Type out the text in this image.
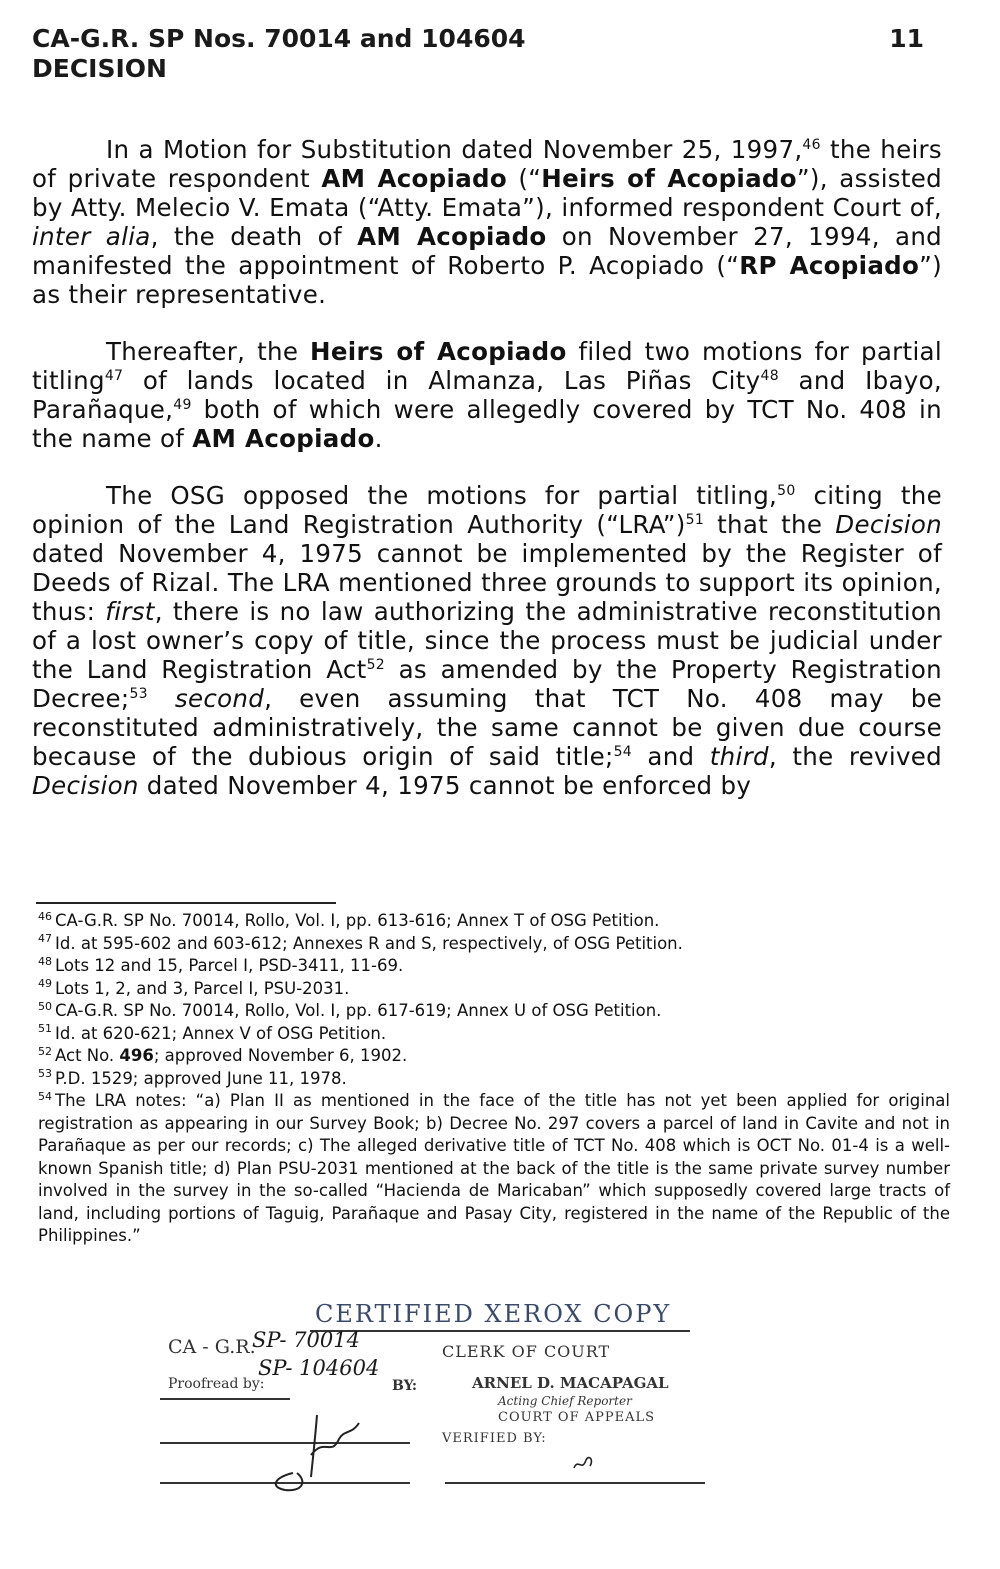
CA-G.R. SP Nos. 70014 and 104604
DECISION
11

In a Motion for Substitution dated November 25, 1997,46 the heirs of private respondent AM Acopiado (“Heirs of Acopiado”), assisted by Atty. Melecio V. Emata (“Atty. Emata”), informed respondent Court of, inter alia, the death of AM Acopiado on November 27, 1994, and manifested the appointment of Roberto P. Acopiado (“RP Acopiado”) as their representative.

Thereafter, the Heirs of Acopiado filed two motions for partial titling$^{47}$ of lands located in Almanza, Las Piñas City$^{48}$ and Ibayo, Parañaque,$^{49}$ both of which were allegedly covered by TCT No. 408 in the name of AM Acopiado.

The OSG opposed the motions for partial titling,$^{50}$ citing the opinion of the Land Registration Authority (“LRA”)$^{51}$ that the Decision dated November 4, 1975 cannot be implemented by the Register of Deeds of Rizal. The LRA mentioned three grounds to support its opinion, thus: first, there is no law authorizing the administrative reconstitution of a lost owner’s copy of title, since the process must be judicial under the Land Registration Act$^{52}$ as amended by the Property Registration Decree;$^{53}$ second, even assuming that TCT No. 408 may be reconstituted administratively, the same cannot be given due course because of the dubious origin of said title;$^{54}$ and third, the revived Decision dated November 4, 1975 cannot be enforced by

$^{46}$ CA-G.R. SP No. 70014, Rollo, Vol. I, pp. 613-616; Annex T of OSG Petition.

$^{47}$ Id. at 595-602 and 603-612; Annexes R and S, respectively, of OSG Petition.

$^{48}$ Lots 12 and 15, Parcel I, PSD-3411, 11-69.

$^{49}$ Lots 1, 2, and 3, Parcel I, PSU-2031.

$^{50}$ CA-G.R. SP No. 70014, Rollo, Vol. I, pp. 617-619; Annex U of OSG Petition.

$^{51}$ Id. at 620-621; Annex V of OSG Petition.

$^{52}$ Act No. 496; approved November 6, 1902.

$^{53}$ P.D. 1529; approved June 11, 1978.

$^{54}$ The LRA notes: “a) Plan II as mentioned in the face of the title has not yet been applied for original registration as appearing in our Survey Book; b) Decree No. 297 covers a parcel of land in Cavite and not in Parañaque as per our records; c) The alleged derivative title of TCT No. 408 which is OCT No. 01-4 is a well-known Spanish title; d) Plan PSU-2031 mentioned at the back of the title is the same private survey number involved in the survey in the so-called “Hacienda de Maricaban” which supposedly covered large tracts of land, including portions of Taguig, Parañaque and Pasay City, registered in the name of the Republic of the Philippines.”

CERTIFIED XEROX COPY
CA - G.R.
SP- 70014
SP- 104604
CLERK OF COURT
Proofread by:	BY:	ARNEL D. MACAPAGAL
Acting Chief Reporter
COURT OF APPEALS
VERIFIED BY:
